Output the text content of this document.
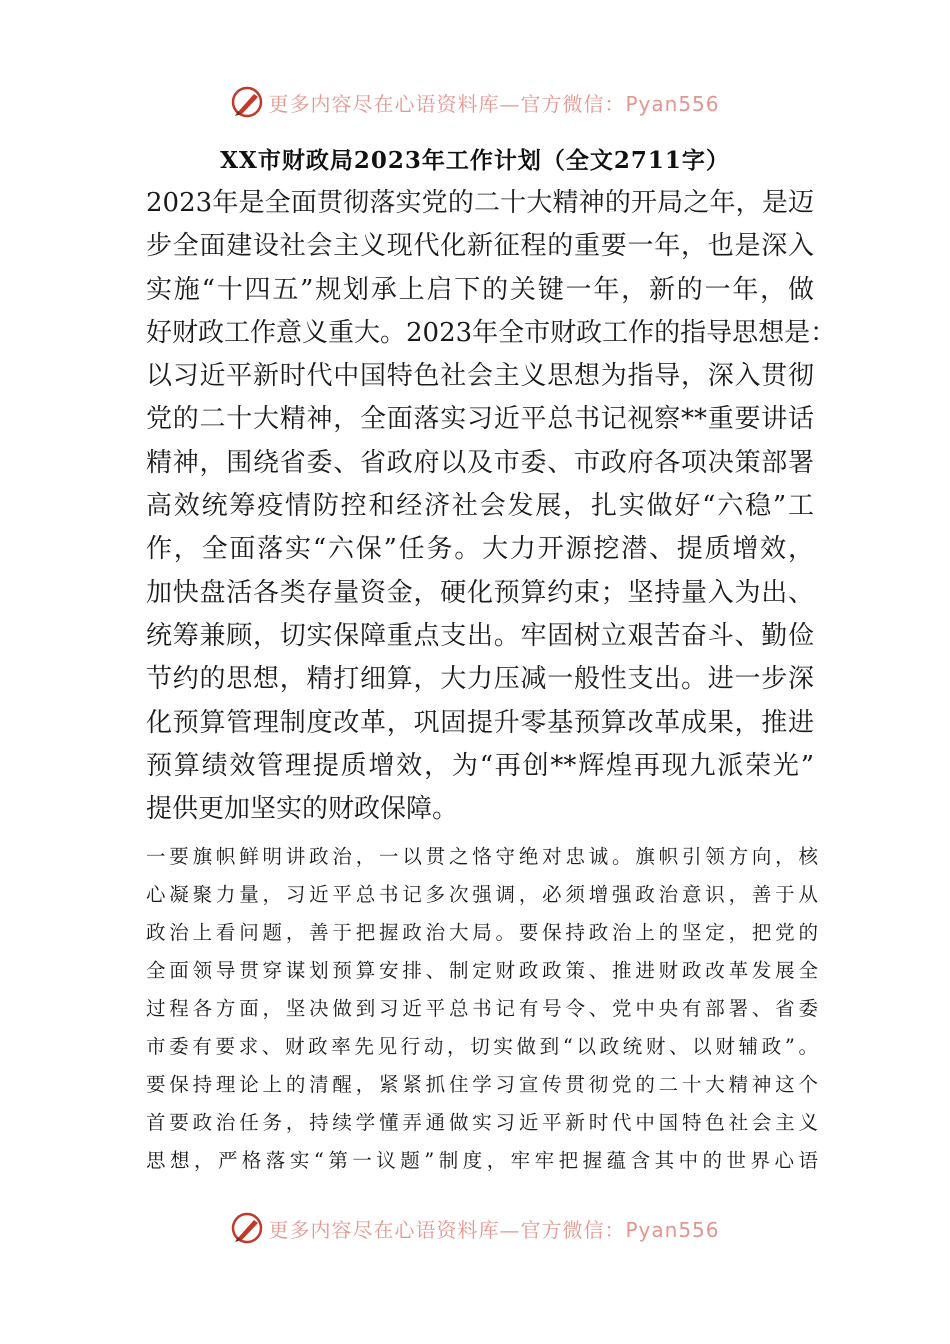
更多内容尽在心语资料库—官方微信：Pyan556
XX市财政局2023年工作计划（全文2711字）
2023年是全面贯彻落实党的二十大精神的开局之年，是迈
步全面建设社会主义现代化新征程的重要一年，也是深入
实施“十四五”规划承上启下的关键一年，新的一年，做
好财政工作意义重大。2023年全市财政工作的指导思想是：
以习近平新时代中国特色社会主义思想为指导，深入贯彻
党的二十大精神，全面落实习近平总书记视察**重要讲话
精神，围绕省委、省政府以及市委、市政府各项决策部署
高效统筹疫情防控和经济社会发展，扎实做好“六稳”工
作，全面落实“六保”任务。大力开源挖潜、提质增效，
加快盘活各类存量资金，硬化预算约束；坚持量入为出、
统筹兼顾，切实保障重点支出。牢固树立艰苦奋斗、勤俭
节约的思想，精打细算，大力压减一般性支出。进一步深
化预算管理制度改革，巩固提升零基预算改革成果，推进
预算绩效管理提质增效，为“再创**辉煌再现九派荣光”
提供更加坚实的财政保障。
一要旗帜鲜明讲政治，一以贯之恪守绝对忠诚。旗帜引领方向，核
心凝聚力量，习近平总书记多次强调，必须增强政治意识，善于从
政治上看问题，善于把握政治大局。要保持政治上的坚定，把党的
全面领导贯穿谋划预算安排、制定财政政策、推进财政改革发展全
过程各方面，坚决做到习近平总书记有号令、党中央有部署、省委
市委有要求、财政率先见行动，切实做到“以政统财、以财辅政”。
要保持理论上的清醒，紧紧抓住学习宣传贯彻党的二十大精神这个
首要政治任务，持续学懂弄通做实习近平新时代中国特色社会主义
思想，严格落实“第一议题”制度，牢牢把握蕴含其中的世界心语
更多内容尽在心语资料库—官方微信：Pyan556
